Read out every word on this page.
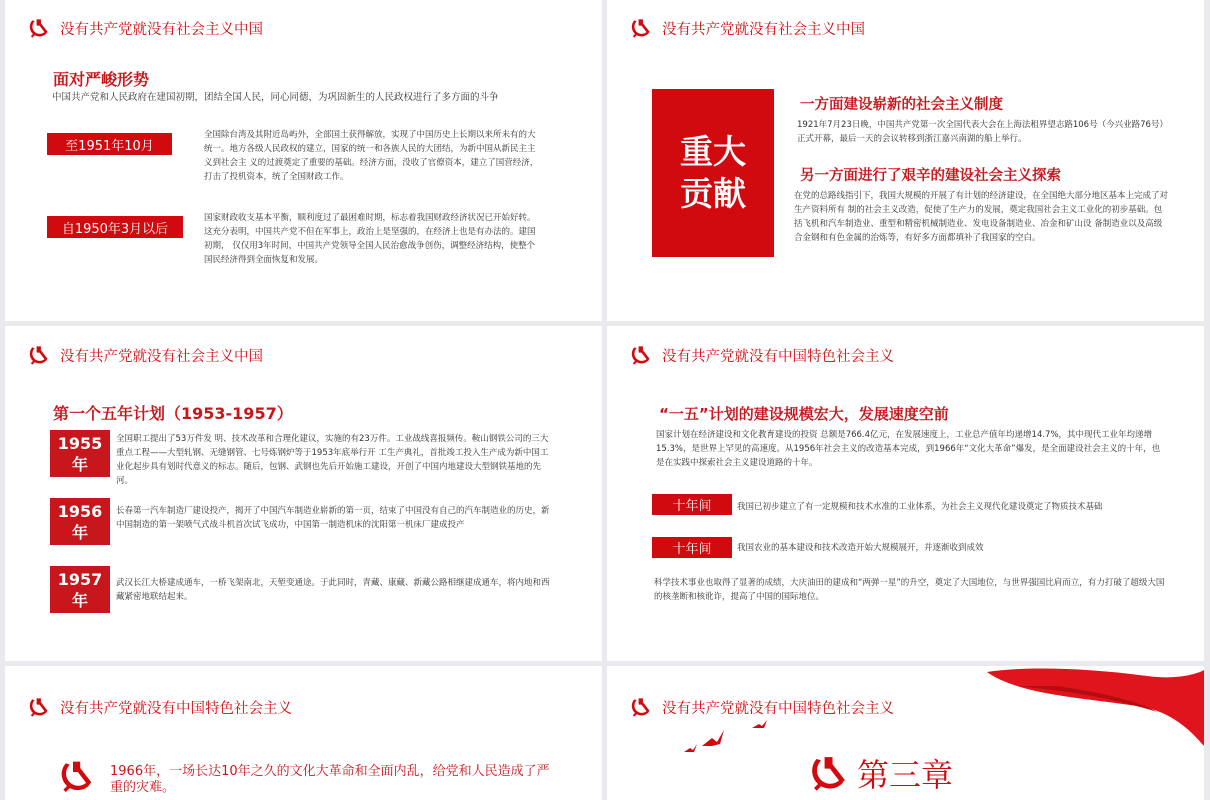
没有共产党就没有社会主义中国
面对严峻形势
中国共产党和人民政府在建国初期，团结全国人民，同心同德，为巩固新生的人民政权进行了多方面的斗争
至1951年10月
全国除台湾及其附近岛屿外，全部国土获得解放，实现了中国历史上长期以来所未有的大统一。地方各级人民政权的建立，国家的统一和各族人民的大团结，为新中国从新民主主义到社会主 义的过渡奠定了重要的基础。经济方面，没收了官僚资本，建立了国营经济，打击了投机资本，统了全国财政工作。
自1950年3月以后
国家财政收支基本平衡，顺利度过了最困难时期，标志着我国财政经济状况已开始好转。这充分表明，中国共产党不但在军事上，政治上是坚强的，在经济上也是有办法的。建国初期， 仅仅用3年时间，中国共产党领导全国人民治愈战争创伤，调整经济结构，使整个国民经济得到全面恢复和发展。
没有共产党就没有社会主义中国
重大
贡献
一方面建设崭新的社会主义制度
1921年7月23日晚，中国共产党第一次全国代表大会在上海法租界望志路106号（今兴业路76号）正式开幕，最后一天的会议转移到浙江嘉兴南湖的船上举行。
另一方面进行了艰辛的建设社会主义探索
在党的总路线指引下，我国大规模的开展了有计划的经济建设，在全国绝大部分地区基本上完成了对生产资料所有 制的社会主义改造，促使了生产力的发展，奠定我国社会主义工业化的初步基础。包括飞机和汽车制造业、重型和精密机械制造业、发电设备制造业、冶金和矿山设 备制造业以及高级合金钢和有色金属的治炼等，有好多方面都填补了我国家的空白。
没有共产党就没有社会主义中国
第一个五年计划（1953-1957）
1955
年
全国职工提出了53万件发 明、技术改革和合理化建议，实施的有23万件。工业战线喜报频传。鞍山钢铁公司的三大重点工程——大型轧钢、无缝钢管、七号炼钢炉等于1953年底举行开 工生产典礼，首批竣工投入生产成为新中国工业化起步具有划时代意义的标志。随后，包钢、武钢也先后开始施工建设，开创了中国内地建设大型钢铁基地的先河。
1956
年
长春第一汽车制造厂建设投产，揭开了中国汽车制造业崭新的第一页，结束了中国没有自己的汽车制造业的历史，新中国制造的第一架喷气式战斗机首次试飞成功，中国第一制造机床的沈阳第一机床厂建成投产
1957
年
武汉长江大桥建成通车，一桥飞架南北，天堑变通途。于此同时，青藏、康藏、新藏公路相继建成通车，将内地和西藏紧密地联结起来。
没有共产党就没有中国特色社会主义
“一五”计划的建设规模宏大，发展速度空前
国家计划在经济建设和文化教育建设的投资 总额是766.4亿元，在发展速度上，工业总产值年均递增14.7%，其中现代工业年均递增 15.3%，是世界上罕见的高速度。从1956年社会主义的改造基本完成，到1966年“文化大革命”爆发，是全面建设社会主义的十年，也是在实践中探索社会主义建设道路的十年。
十年间	我国已初步建立了有一定规模和技术水准的工业体系，为社会主义现代化建设奠定了物质技术基础
十年间	我国农业的基本建设和技术改造开始大规模展开，并逐渐收到成效
科学技术事业也取得了显著的成绩，大庆油田的建成和“两弹一星”的升空，奠定了大国地位，与世界强国比肩而立，有力打破了超级大国的核垄断和核讹诈，提高了中国的国际地位。
没有共产党就没有中国特色社会主义
1966年，一场长达10年之久的文化大革命和全面内乱，给党和人民造成了严重的灾难。
没有共产党就没有中国特色社会主义
第三章
